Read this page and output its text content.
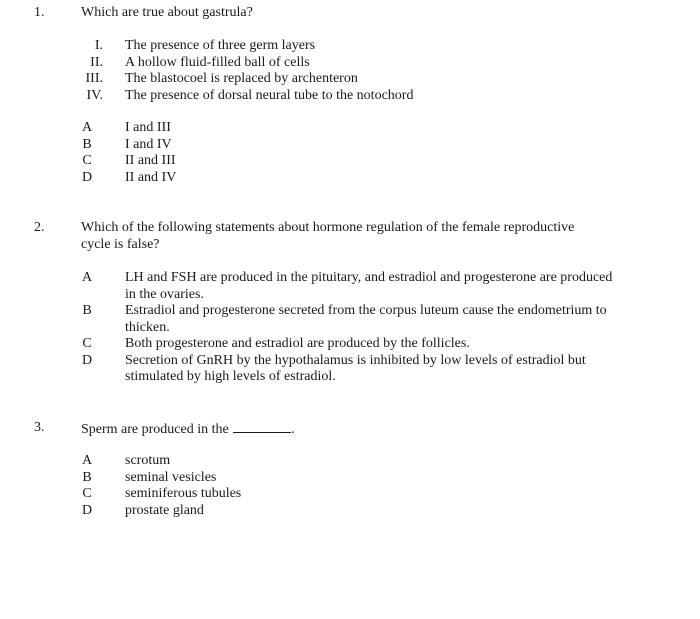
1.	Which are true about gastrula?
I. The presence of three germ layers
II. A hollow fluid-filled ball of cells
III. The blastocoel is replaced by archenteron
IV. The presence of dorsal neural tube to the notochord
A I and III
B I and IV
C II and III
D II and IV
2.	Which of the following statements about hormone regulation of the female reproductive cycle is false?
A LH and FSH are produced in the pituitary, and estradiol and progesterone are produced in the ovaries.
B Estradiol and progesterone secreted from the corpus luteum cause the endometrium to thicken.
C Both progesterone and estradiol are produced by the follicles.
D Secretion of GnRH by the hypothalamus is inhibited by low levels of estradiol but stimulated by high levels of estradiol.
3.	Sperm are produced in the	.
A scrotum
B seminal vesicles
C seminiferous tubules
D prostate gland
